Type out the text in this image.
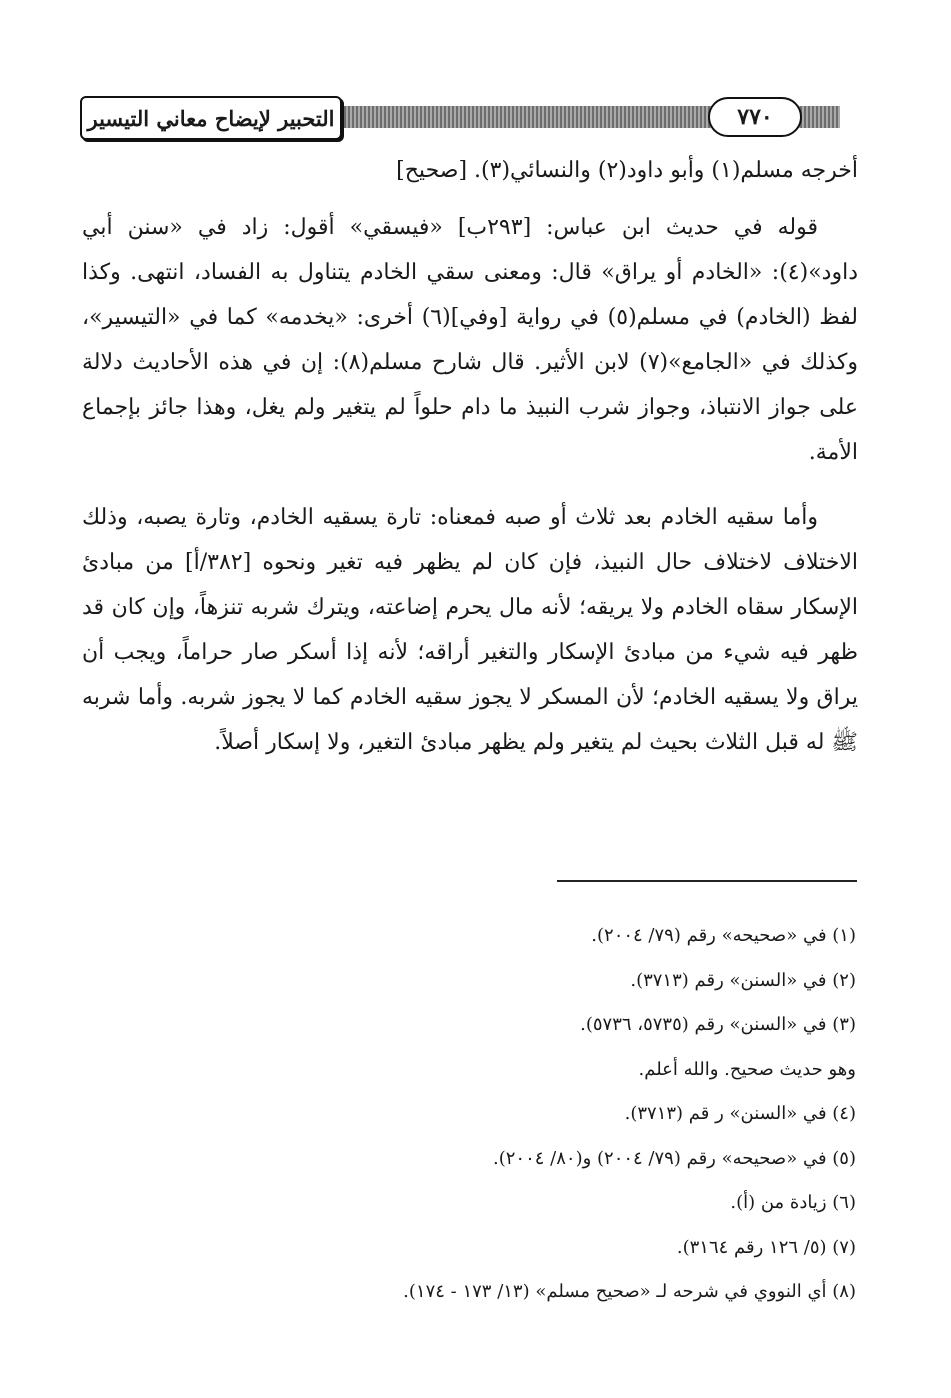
التحبير لإيضاح معاني التيسير	٧٧٠

أخرجه مسلم(١) وأبو داود(٢) والنسائي(٣). [صحيح]

قوله في حديث ابن عباس: [٢٩٣ب] «فيسقي» أقول: زاد في «سنن أبي داود»(٤): «الخادم أو يراق» قال: ومعنى سقي الخادم يتناول به الفساد، انتهى. وكذا لفظ (الخادم) في مسلم(٥) في رواية [وفي](٦) أخرى: «يخدمه» كما في «التيسير»، وكذلك في «الجامع»(٧) لابن الأثير. قال شارح مسلم(٨): إن في هذه الأحاديث دلالة على جواز الانتباذ، وجواز شرب النبيذ ما دام حلواً لم يتغير ولم يغل، وهذا جائز بإجماع الأمة.

وأما سقيه الخادم بعد ثلاث أو صبه فمعناه: تارة يسقيه الخادم، وتارة يصبه، وذلك الاختلاف لاختلاف حال النبيذ، فإن كان لم يظهر فيه تغير ونحوه [٣٨٢/أ] من مبادئ الإسكار سقاه الخادم ولا يريقه؛ لأنه مال يحرم إضاعته، ويترك شربه تنزهاً، وإن كان قد ظهر فيه شيء من مبادئ الإسكار والتغير أراقه؛ لأنه إذا أسكر صار حراماً، ويجب أن يراق ولا يسقيه الخادم؛ لأن المسكر لا يجوز سقيه الخادم كما لا يجوز شربه. وأما شربه ﷺ له قبل الثلاث بحيث لم يتغير ولم يظهر مبادئ التغير، ولا إسكار أصلاً.

(١) في «صحيحه» رقم (٧٩/ ٢٠٠٤).
(٢) في «السنن» رقم (٣٧١٣).
(٣) في «السنن» رقم (٥٧٣٥، ٥٧٣٦).
وهو حديث صحيح. والله أعلم.
(٤) في «السنن» ر قم (٣٧١٣).
(٥) في «صحيحه» رقم (٧٩/ ٢٠٠٤) و(٨٠/ ٢٠٠٤).
(٦) زيادة من (أ).
(٧) (٥/ ١٢٦ رقم ٣١٦٤).
(٨) أي النووي في شرحه لـ «صحيح مسلم» (١٣/ ١٧٣ - ١٧٤).
